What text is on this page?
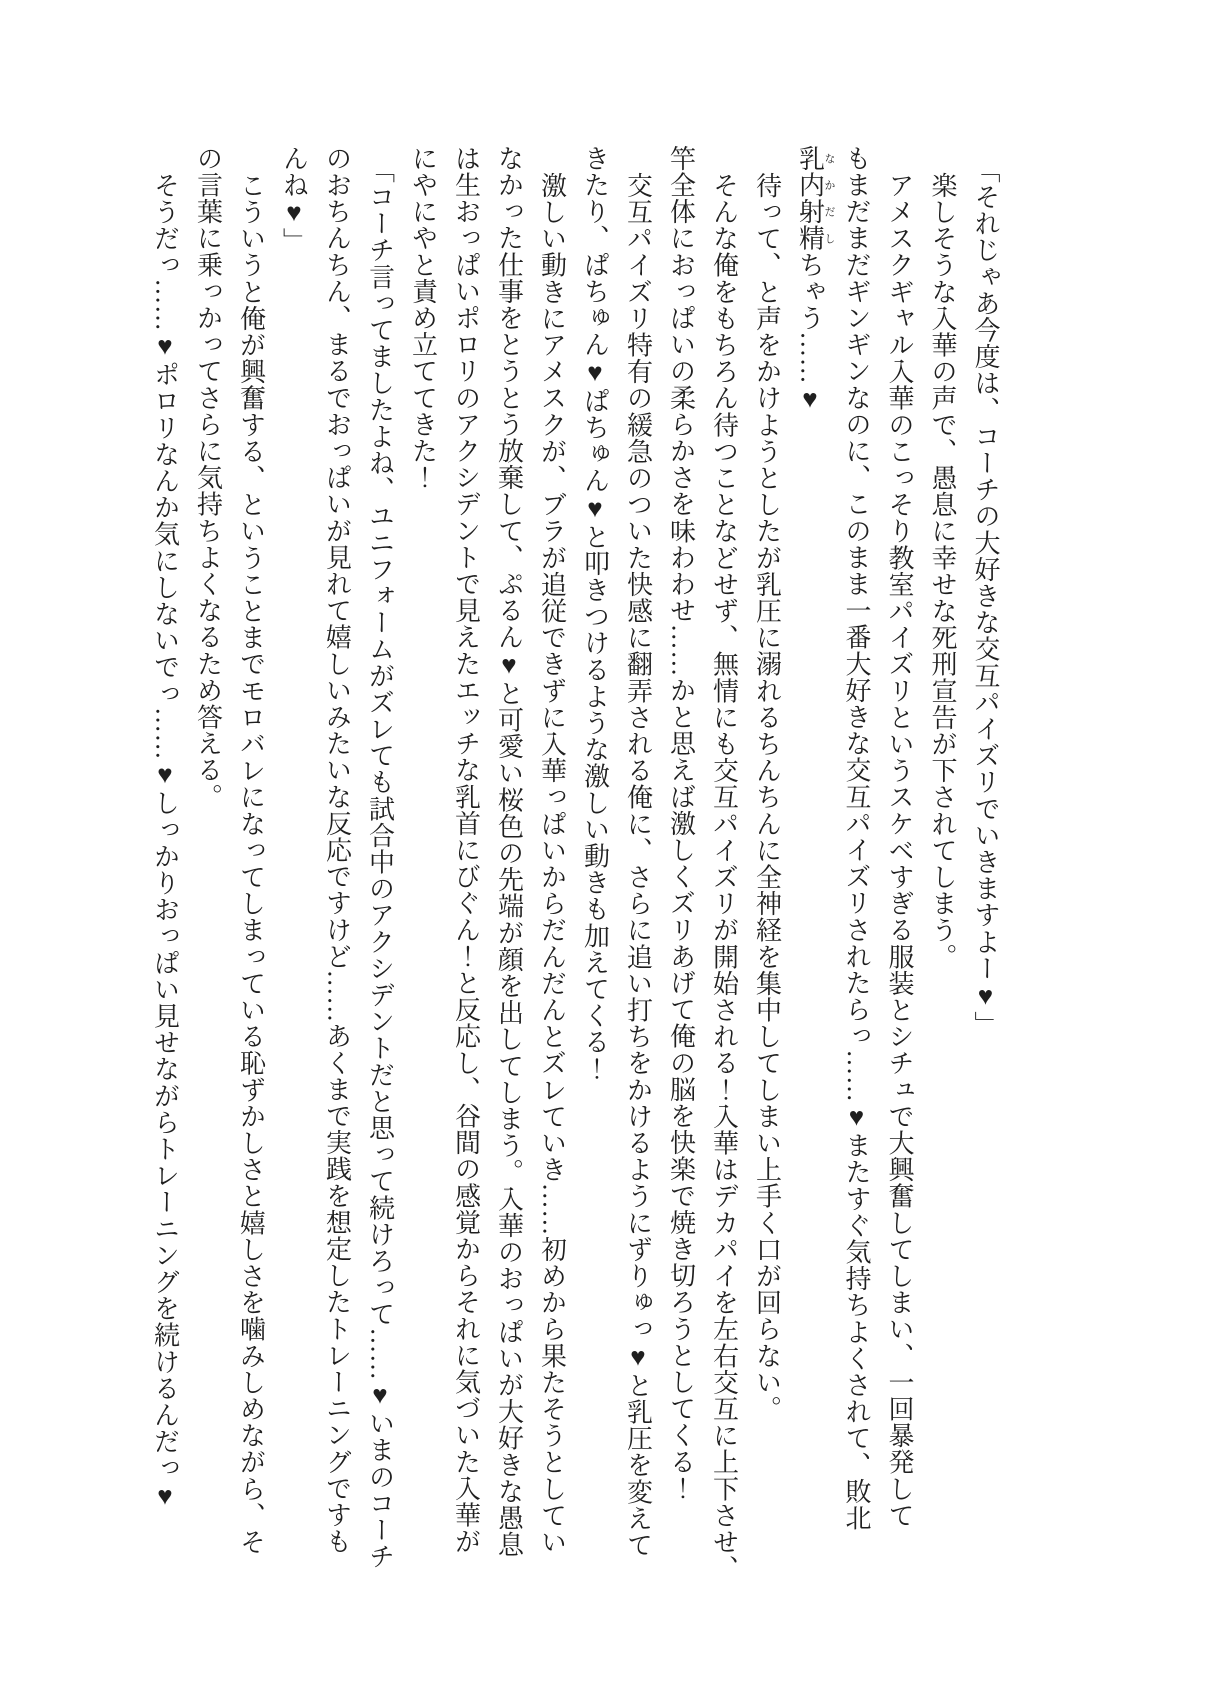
「それじゃあ今度は、コーチの大好きな交互パイズリでいきますよー♥」
楽しそうな入華の声で、愚息に幸せな死刑宣告が下されてしまう。
アメスクギャル入華のこっそり教室パイズリというスケベすぎる服装とシチュで大興奮してしまい、一回暴発して
もまだまだギンギンなのに、このまま一番大好きな交互パイズリされたらっ……♥またすぐ気持ちよくされて、敗北
乳内射精なかだしちゃう……♥
待って、と声をかけようとしたが乳圧に溺れるちんちんに全神経を集中してしまい上手く口が回らない。
そんな俺をもちろん待つことなどせず、無情にも交互パイズリが開始される！入華はデカパイを左右交互に上下させ、
竿全体におっぱいの柔らかさを味わわせ……かと思えば激しくズリあげて俺の脳を快楽で焼き切ろうとしてくる！
交互パイズリ特有の緩急のついた快感に翻弄される俺に、さらに追い打ちをかけるようにずりゅっ♥と乳圧を変えて
きたり、ぱちゅん♥ぱちゅん♥と叩きつけるような激しい動きも加えてくる！
激しい動きにアメスクが、ブラが追従できずに入華っぱいからだんだんとズレていき……初めから果たそうとしてい
なかった仕事をとうとう放棄して、ぷるん♥と可愛い桜色の先端が顔を出してしまう。入華のおっぱいが大好きな愚息
は生おっぱいポロリのアクシデントで見えたエッチな乳首にびぐん！と反応し、谷間の感覚からそれに気づいた入華が
にやにやと責め立ててきた！
「コーチ言ってましたよね、ユニフォームがズレても試合中のアクシデントだと思って続けろって……♥いまのコーチ
のおちんちん、まるでおっぱいが見れて嬉しいみたいな反応ですけど……あくまで実践を想定したトレーニングですも
んね♥」
こういうと俺が興奮する、ということまでモロバレになってしまっている恥ずかしさと嬉しさを噛みしめながら、そ
の言葉に乗っかってさらに気持ちよくなるため答える。
そうだっ……♥ポロリなんか気にしないでっ……♥しっかりおっぱい見せながらトレーニングを続けるんだっ♥
